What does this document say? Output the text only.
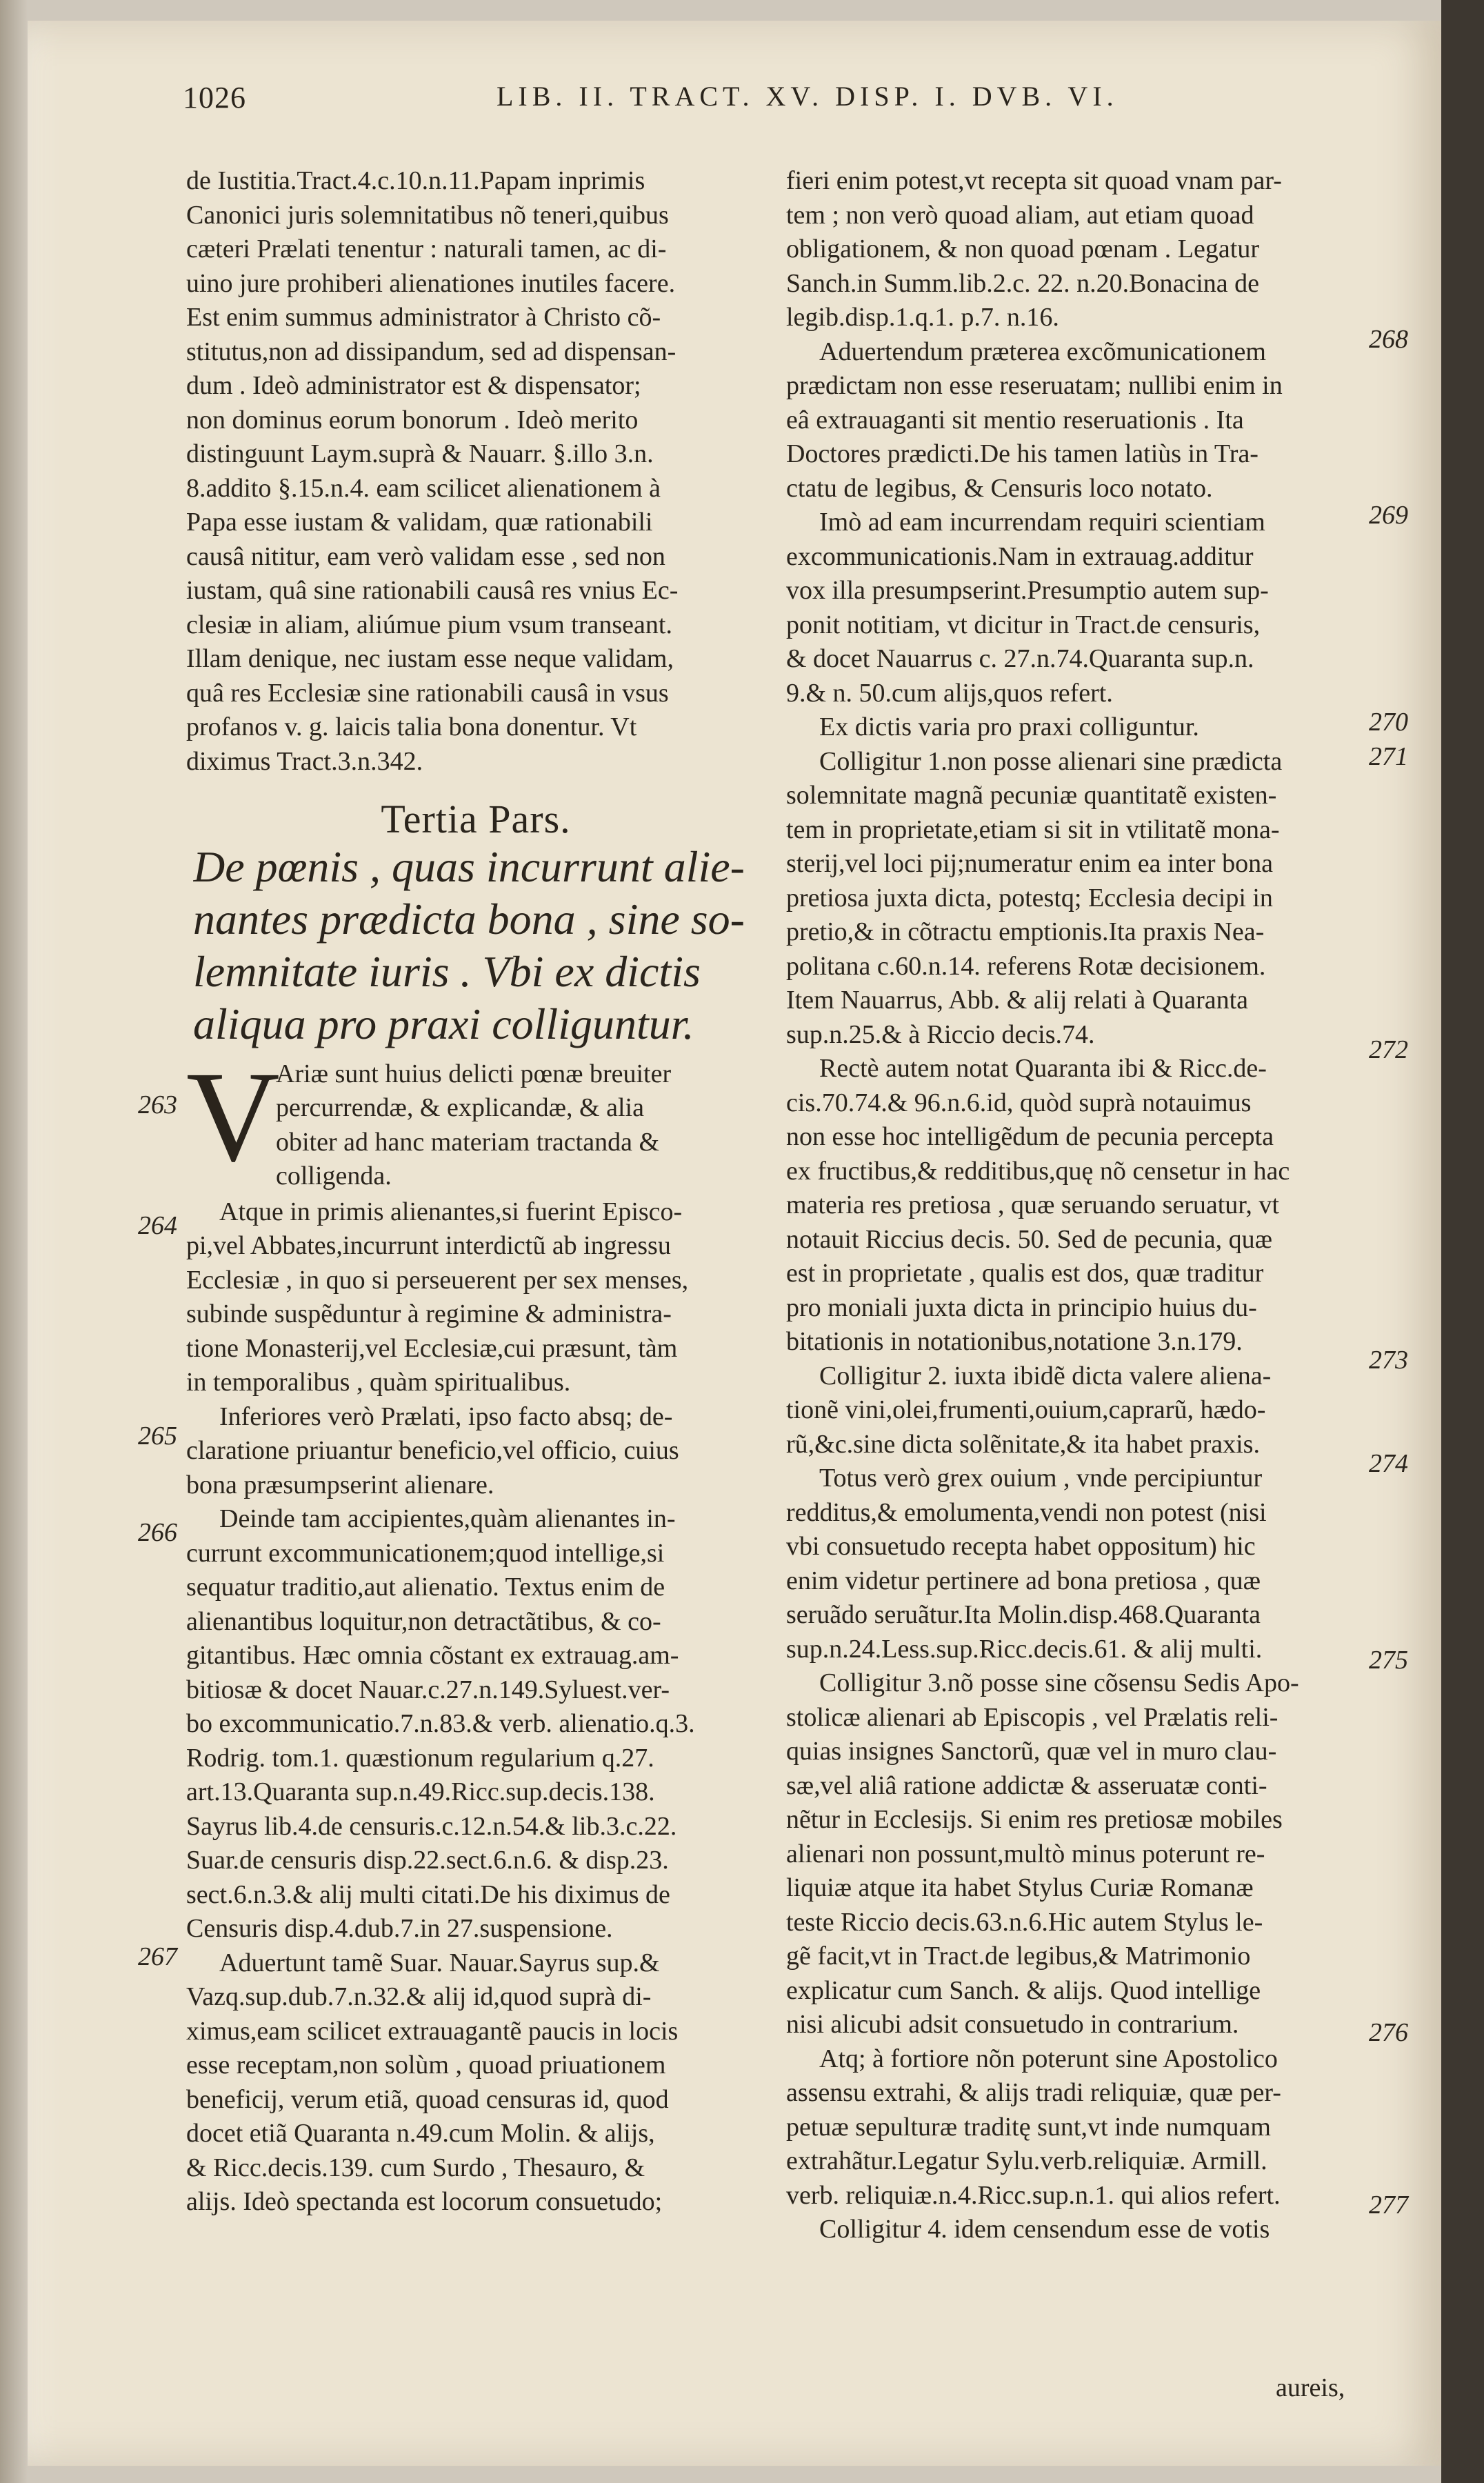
1026	LIB. II. TRACT. XV. DISP. I. DVB. VI.
de Iustitia.Tract.4.c.10.n.11.Papam inprimis
Canonici juris solemnitatibus nõ teneri,quibus
cæteri Prælati tenentur : naturali tamen, ac di-
uino jure prohiberi alienationes inutiles facere.
Est enim summus administrator à Christo cõ-
stitutus,non ad dissipandum, sed ad dispensan-
dum . Ideò administrator est & dispensator;
non dominus eorum bonorum . Ideò merito
distinguunt Laym.suprà & Nauarr. §.illo 3.n.
8.addito §.15.n.4. eam scilicet alienationem à
Papa esse iustam & validam, quæ rationabili
causâ nititur, eam verò validam esse , sed non
iustam, quâ sine rationabili causâ res vnius Ec-
clesiæ in aliam, aliúmue pium vsum transeant.
Illam denique, nec iustam esse neque validam,
quâ res Ecclesiæ sine rationabili causâ in vsus
profanos v. g. laicis talia bona donentur. Vt
diximus Tract.3.n.342.
Tertia Pars.
De pœnis , quas incurrunt alie-
nantes prædicta bona , sine so-
lemnitate iuris . Vbi ex dictis
aliqua pro praxi colliguntur.
V
Ariæ sunt huius delicti pœnæ breuiter
percurrendæ, & explicandæ, & alia
obiter ad hanc materiam tractanda &
colligenda.
Atque in primis alienantes,si fuerint Episco-
pi,vel Abbates,incurrunt interdictũ ab ingressu
Ecclesiæ , in quo si perseuerent per sex menses,
subinde suspẽduntur à regimine & administra-
tione Monasterij,vel Ecclesiæ,cui præsunt, tàm
in temporalibus , quàm spiritualibus.
Inferiores verò Prælati, ipso facto absq; de-
claratione priuantur beneficio,vel officio, cuius
bona præsumpserint alienare.
Deinde tam accipientes,quàm alienantes in-
currunt excommunicationem;quod intellige,si
sequatur traditio,aut alienatio. Textus enim de
alienantibus loquitur,non detractãtibus, & co-
gitantibus. Hæc omnia cõstant ex extrauag.am-
bitiosæ & docet Nauar.c.27.n.149.Syluest.ver-
bo excommunicatio.7.n.83.& verb. alienatio.q.3.
Rodrig. tom.1. quæstionum regularium q.27.
art.13.Quaranta sup.n.49.Ricc.sup.decis.138.
Sayrus lib.4.de censuris.c.12.n.54.& lib.3.c.22.
Suar.de censuris disp.22.sect.6.n.6. & disp.23.
sect.6.n.3.& alij multi citati.De his diximus de
Censuris disp.4.dub.7.in 27.suspensione.
Aduertunt tamẽ Suar. Nauar.Sayrus sup.&
Vazq.sup.dub.7.n.32.& alij id,quod suprà di-
ximus,eam scilicet extrauagantẽ paucis in locis
esse receptam,non solùm , quoad priuationem
beneficij, verum etiã, quoad censuras id, quod
docet etiã Quaranta n.49.cum Molin. & alijs,
& Ricc.decis.139. cum Surdo , Thesauro, &
alijs. Ideò spectanda est locorum consuetudo;
263
264
265
266
267
fieri enim potest,vt recepta sit quoad vnam par-
tem ; non verò quoad aliam, aut etiam quoad
obligationem, & non quoad pœnam . Legatur
Sanch.in Summ.lib.2.c. 22. n.20.Bonacina de
legib.disp.1.q.1. p.7. n.16.
Aduertendum præterea excõmunicationem
prædictam non esse reseruatam; nullibi enim in
eâ extrauaganti sit mentio reseruationis . Ita
Doctores prædicti.De his tamen latiùs in Tra-
ctatu de legibus, & Censuris loco notato.
Imò ad eam incurrendam requiri scientiam
excommunicationis.Nam in extrauag.additur
vox illa presumpserint.Presumptio autem sup-
ponit notitiam, vt dicitur in Tract.de censuris,
& docet Nauarrus c. 27.n.74.Quaranta sup.n.
9.& n. 50.cum alijs,quos refert.
Ex dictis varia pro praxi colliguntur.
Colligitur 1.non posse alienari sine prædicta
solemnitate magnã pecuniæ quantitatẽ existen-
tem in proprietate,etiam si sit in vtilitatẽ mona-
sterij,vel loci pij;numeratur enim ea inter bona
pretiosa juxta dicta, potestq; Ecclesia decipi in
pretio,& in cõtractu emptionis.Ita praxis Nea-
politana c.60.n.14. referens Rotæ decisionem.
Item Nauarrus, Abb. & alij relati à Quaranta
sup.n.25.& à Riccio decis.74.
Rectè autem notat Quaranta ibi & Ricc.de-
cis.70.74.& 96.n.6.id, quòd suprà notauimus
non esse hoc intelligẽdum de pecunia percepta
ex fructibus,& redditibus,quę nõ censetur in hac
materia res pretiosa , quæ seruando seruatur, vt
notauit Riccius decis. 50. Sed de pecunia, quæ
est in proprietate , qualis est dos, quæ traditur
pro moniali juxta dicta in principio huius du-
bitationis in notationibus,notatione 3.n.179.
Colligitur 2. iuxta ibidẽ dicta valere aliena-
tionẽ vini,olei,frumenti,ouium,caprarũ, hædo-
rũ,&c.sine dicta solẽnitate,& ita habet praxis.
Totus verò grex ouium , vnde percipiuntur
redditus,& emolumenta,vendi non potest (nisi
vbi consuetudo recepta habet oppositum) hic
enim videtur pertinere ad bona pretiosa , quæ
seruãdo seruãtur.Ita Molin.disp.468.Quaranta
sup.n.24.Less.sup.Ricc.decis.61. & alij multi.
Colligitur 3.nõ posse sine cõsensu Sedis Apo-
stolicæ alienari ab Episcopis , vel Prælatis reli-
quias insignes Sanctorũ, quæ vel in muro clau-
sæ,vel aliâ ratione addictæ & asseruatæ conti-
nẽtur in Ecclesijs. Si enim res pretiosæ mobiles
alienari non possunt,multò minus poterunt re-
liquiæ atque ita habet Stylus Curiæ Romanæ
teste Riccio decis.63.n.6.Hic autem Stylus le-
gẽ facit,vt in Tract.de legibus,& Matrimonio
explicatur cum Sanch. & alijs. Quod intellige
nisi alicubi adsit consuetudo in contrarium.
Atq; à fortiore nõn poterunt sine Apostolico
assensu extrahi, & alijs tradi reliquiæ, quæ per-
petuæ sepulturæ traditę sunt,vt inde numquam
extrahãtur.Legatur Sylu.verb.reliquiæ. Armill.
verb. reliquiæ.n.4.Ricc.sup.n.1. qui alios refert.
Colligitur 4. idem censendum esse de votis
268
269
270
271
272
273
274
275
276
277
aureis,
